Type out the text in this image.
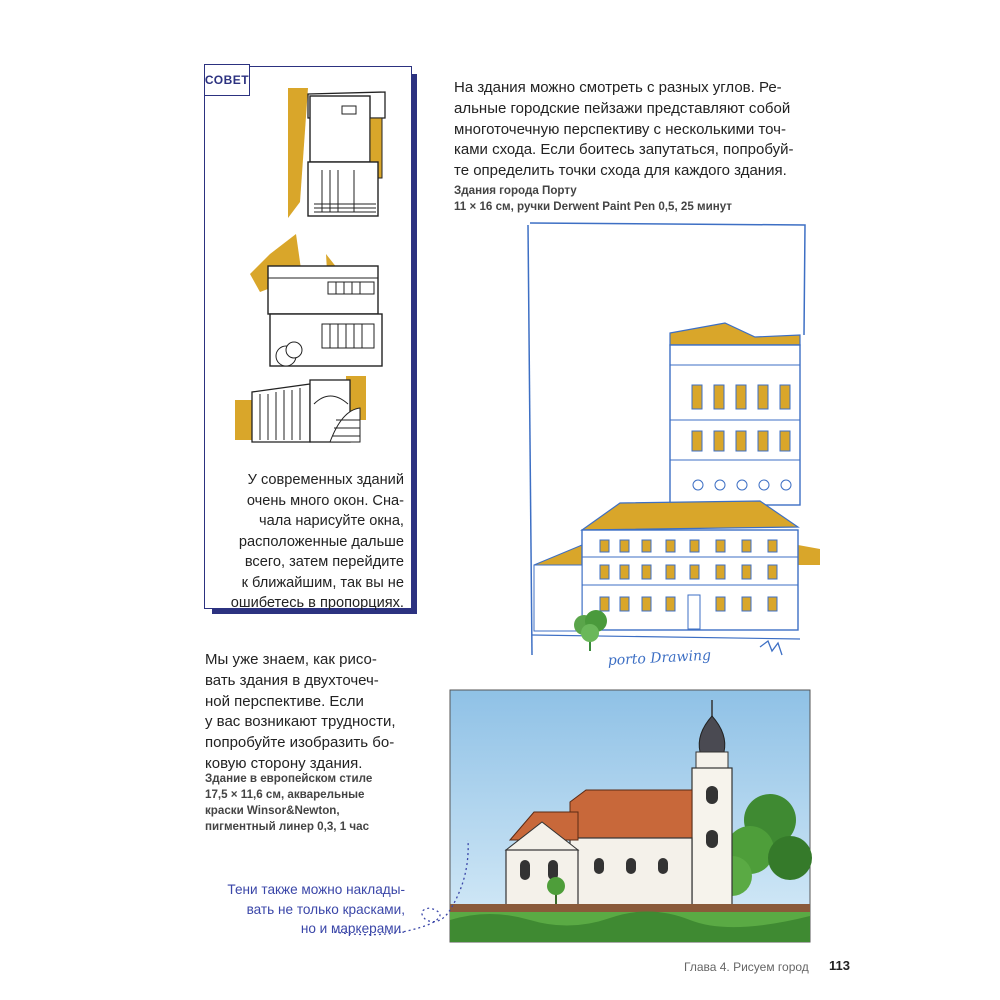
СОВЕТ
У современных зданий
очень много окон. Сна-
чала нарисуйте окна,
расположенные дальше
всего, затем перейдите
к ближайшим, так вы не
ошибетесь в пропорциях.
На здания можно смотреть с разных углов. Ре-
альные городские пейзажи представляют собой
многоточечную перспективу с несколькими точ-
ками схода. Если боитесь запутаться, попробуй-
те определить точки схода для каждого здания.
Здания города Порту
11 × 16 см, ручки Derwent Paint Pen 0,5, 25 минут
porto Drawing
Мы уже знаем, как рисо-
вать здания в двухточеч-
ной перспективе. Если
у вас возникают трудности,
попробуйте изобразить бо-
ковую сторону здания.
Здание в европейском стиле
17,5 × 11,6 см, акварельные
краски Winsor&Newton,
пигментный линер 0,3, 1 час
Тени также можно наклады-
вать не только красками,
но и маркерами.
Глава 4. Рисуем город 113
